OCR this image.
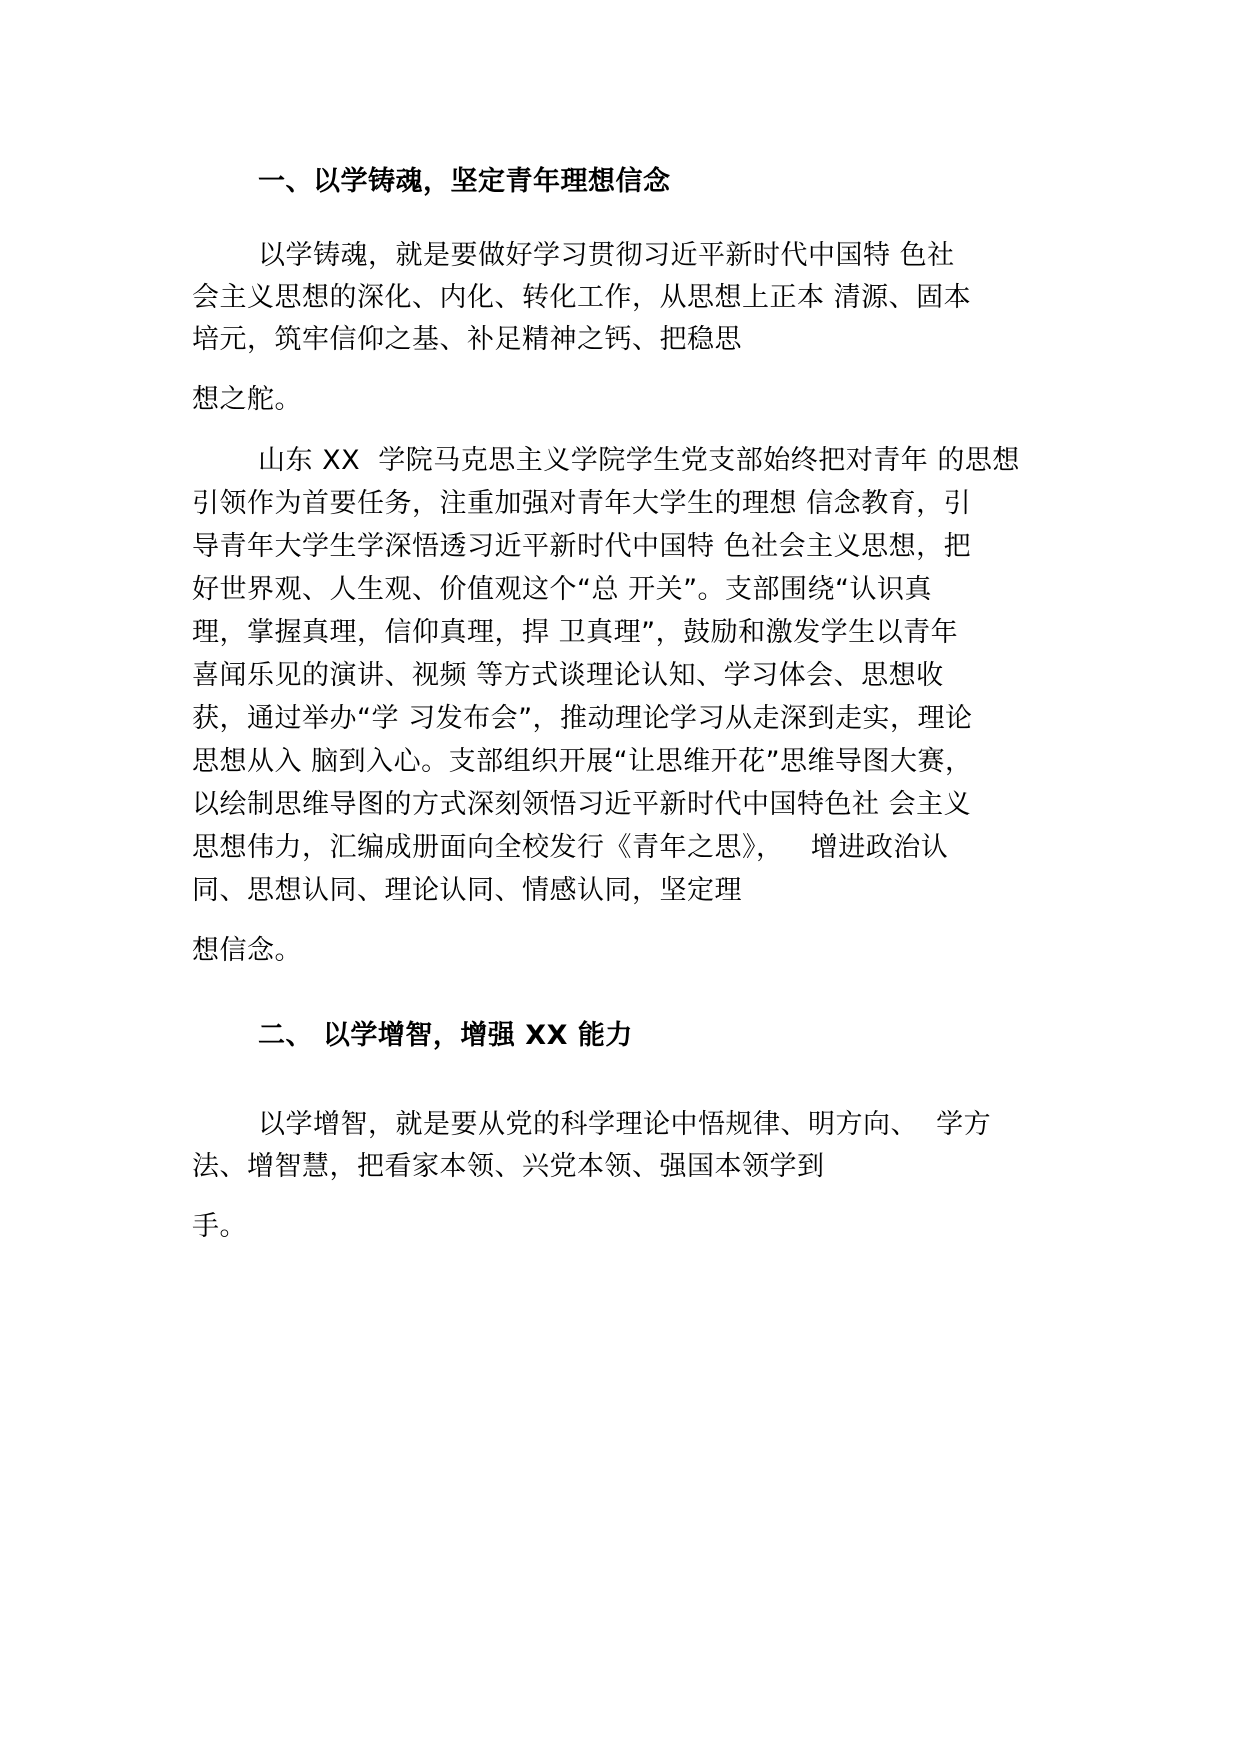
一、以学铸魂，坚定青年理想信念
以学铸魂，就是要做好学习贯彻习近平新时代中国特 色社
会主义思想的深化、内化、转化工作，从思想上正本 清源、固本
培元，筑牢信仰之基、补足精神之钙、把稳思
想之舵。
山东 XX  学院马克思主义学院学生党支部始终把对青年 的思想
引领作为首要任务，注重加强对青年大学生的理想 信念教育，引
导青年大学生学深悟透习近平新时代中国特 色社会主义思想，把
好世界观、人生观、价值观这个“总 开关”。支部围绕“认识真
理，掌握真理，信仰真理，捍 卫真理”，鼓励和激发学生以青年
喜闻乐见的演讲、视频 等方式谈理论认知、学习体会、思想收
获，通过举办“学 习发布会”，推动理论学习从走深到走实，理论
思想从入 脑到入心。支部组织开展“让思维开花”思维导图大赛，
以绘制思维导图的方式深刻领悟习近平新时代中国特色社 会主义
思想伟力，汇编成册面向全校发行《青年之思》，   增进政治认
同、思想认同、理论认同、情感认同，坚定理
想信念。
二、 以学增智，增强 XX 能力
以学增智，就是要从党的科学理论中悟规律、明方向、  学方
法、增智慧，把看家本领、兴党本领、强国本领学到
手。
